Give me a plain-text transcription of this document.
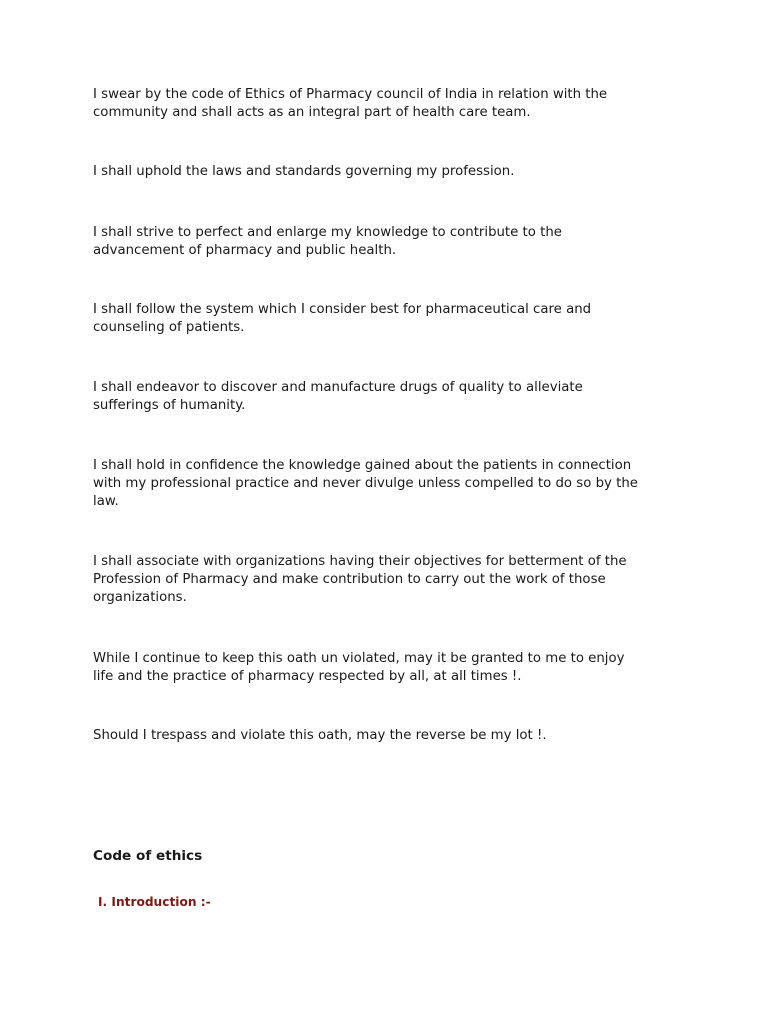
I swear by the code of Ethics of Pharmacy council of India in relation with the
community and shall acts as an integral part of health care team.

I shall uphold the laws and standards governing my profession.

I shall strive to perfect and enlarge my knowledge to contribute to the
advancement of pharmacy and public health.

I shall follow the system which I consider best for pharmaceutical care and
counseling of patients.

I shall endeavor to discover and manufacture drugs of quality to alleviate
sufferings of humanity.

I shall hold in confidence the knowledge gained about the patients in connection
with my professional practice and never divulge unless compelled to do so by the
law.

I shall associate with organizations having their objectives for betterment of the
Profession of Pharmacy and make contribution to carry out the work of those
organizations.

While I continue to keep this oath un violated, may it be granted to me to enjoy
life and the practice of pharmacy respected by all, at all times !.

Should I trespass and violate this oath, may the reverse be my lot !.

Code of ethics
I. Introduction :-
